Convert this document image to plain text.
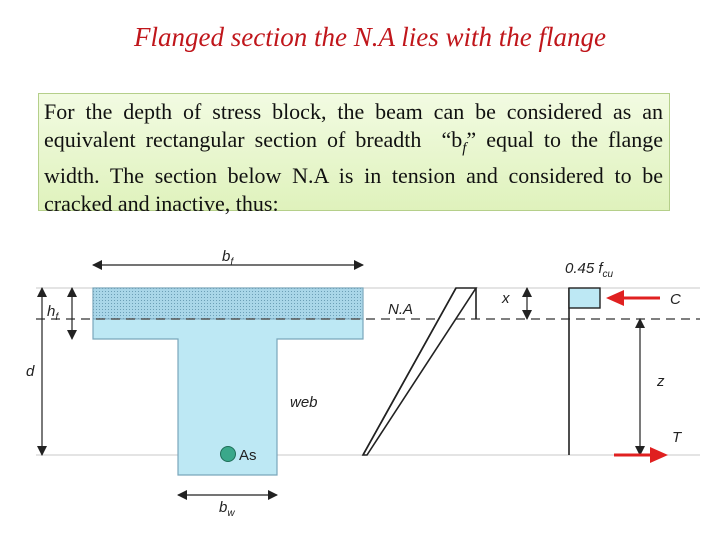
Flanged section the N.A lies with the flange
For the depth of stress block, the beam can be considered as an
equivalent rectangular section of breadth  “$b_f$” equal to the flange
width. The section below N.A is in tension and considered to be
cracked and inactive, thus:
$b_f$
$h_f$
d
web
As
$b_w$
N.A
x
0.45 $f_{cu}$
C
z
T
